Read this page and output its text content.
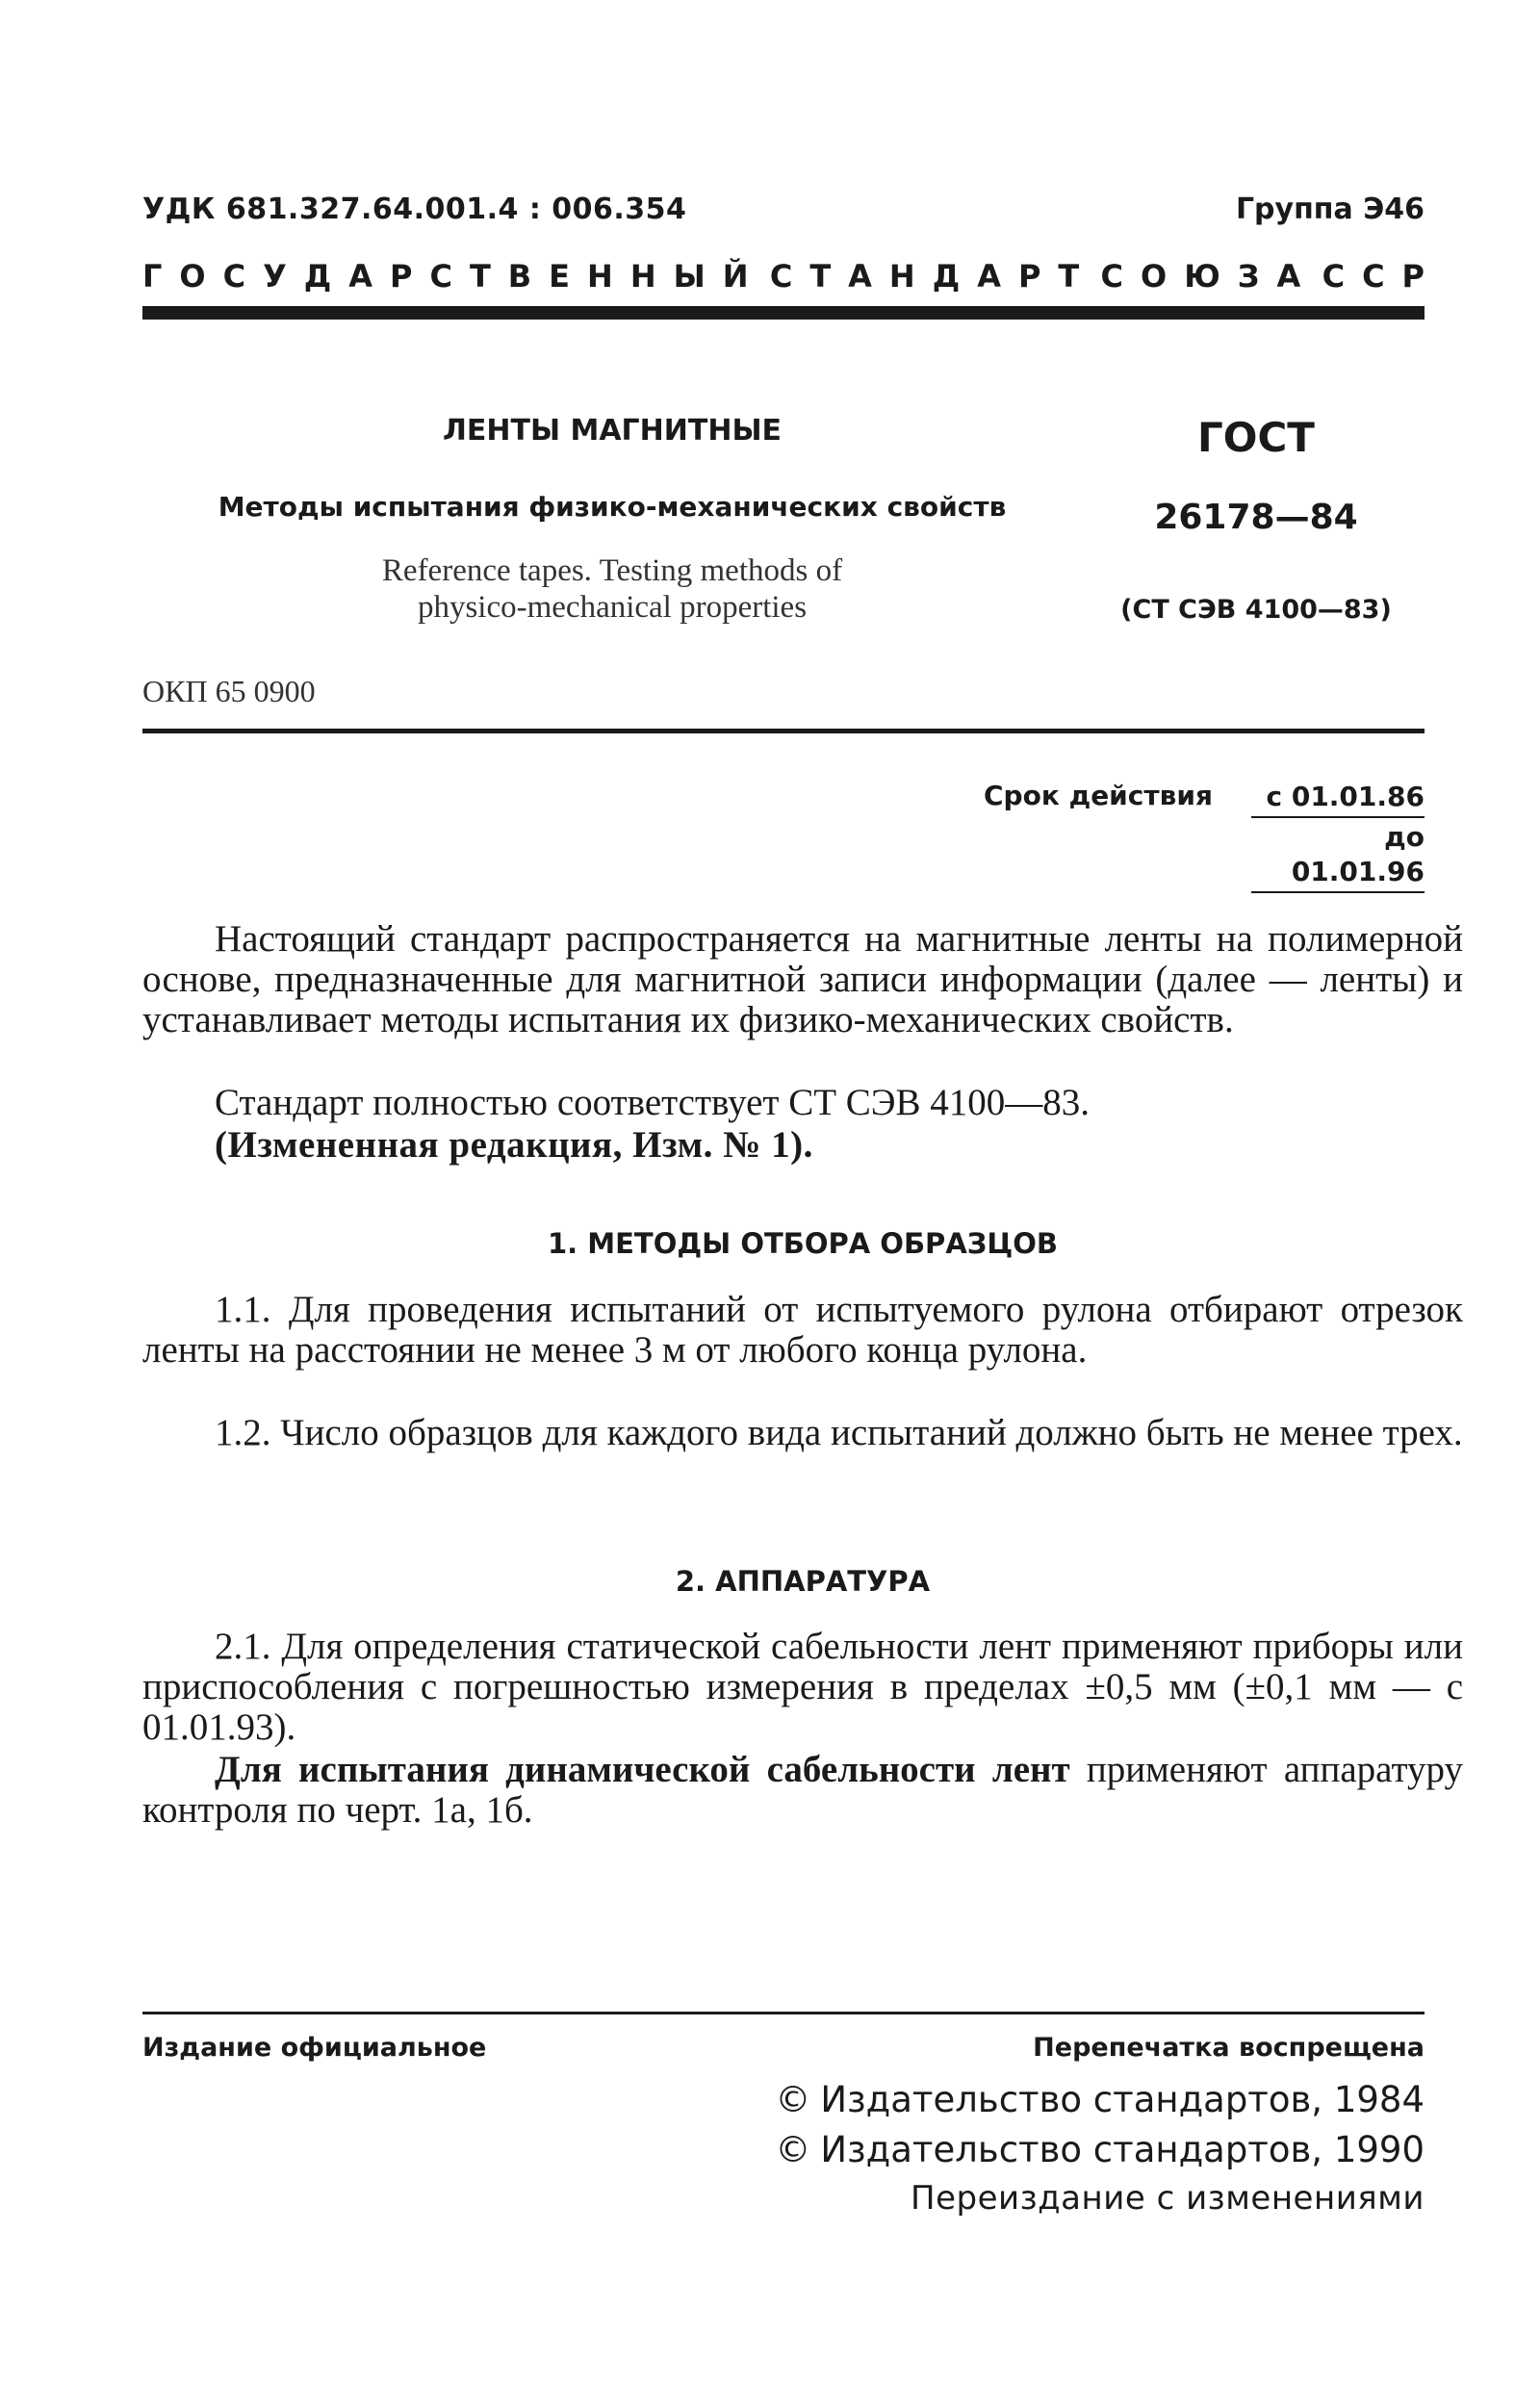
УДК 681.327.64.001.4 : 006.354	Группа Э46
Г О С У Д А Р С Т В Е Н Н Ы Й С Т А Н Д А Р Т С О Ю З А С С Р
ЛЕНТЫ МАГНИТНЫЕ
Методы испытания физико-механических свойств
Reference tapes. Testing methods of
physico-mechanical properties
ГОСТ
26178—84
(СТ СЭВ 4100—83)
ОКП 65 0900
Срок действия	с 01.01.86
до 01.01.96
Настоящий стандарт распространяется на магнитные ленты на полимерной основе, предназначенные для магнитной записи информации (далее — ленты) и устанавливает методы испытания их физико-механических свойств.
Стандарт полностью соответствует СТ СЭВ 4100—83.
(Измененная редакция, Изм. № 1).
1. МЕТОДЫ ОТБОРА ОБРАЗЦОВ
1.1. Для проведения испытаний от испытуемого рулона отбирают отрезок ленты на расстоянии не менее 3 м от любого конца рулона.
1.2. Число образцов для каждого вида испытаний должно быть не менее трех.
2. АППАРАТУРА
2.1. Для определения статической сабельности лент применяют приборы или приспособления с погрешностью измерения в пределах ±0,5 мм (±0,1 мм — с 01.01.93).
Для испытания динамической сабельности лент применяют аппаратуру контроля по черт. 1а, 1б.
Издание официальное	Перепечатка воспрещена
© Издательство стандартов, 1984
© Издательство стандартов, 1990
Переиздание с изменениями
